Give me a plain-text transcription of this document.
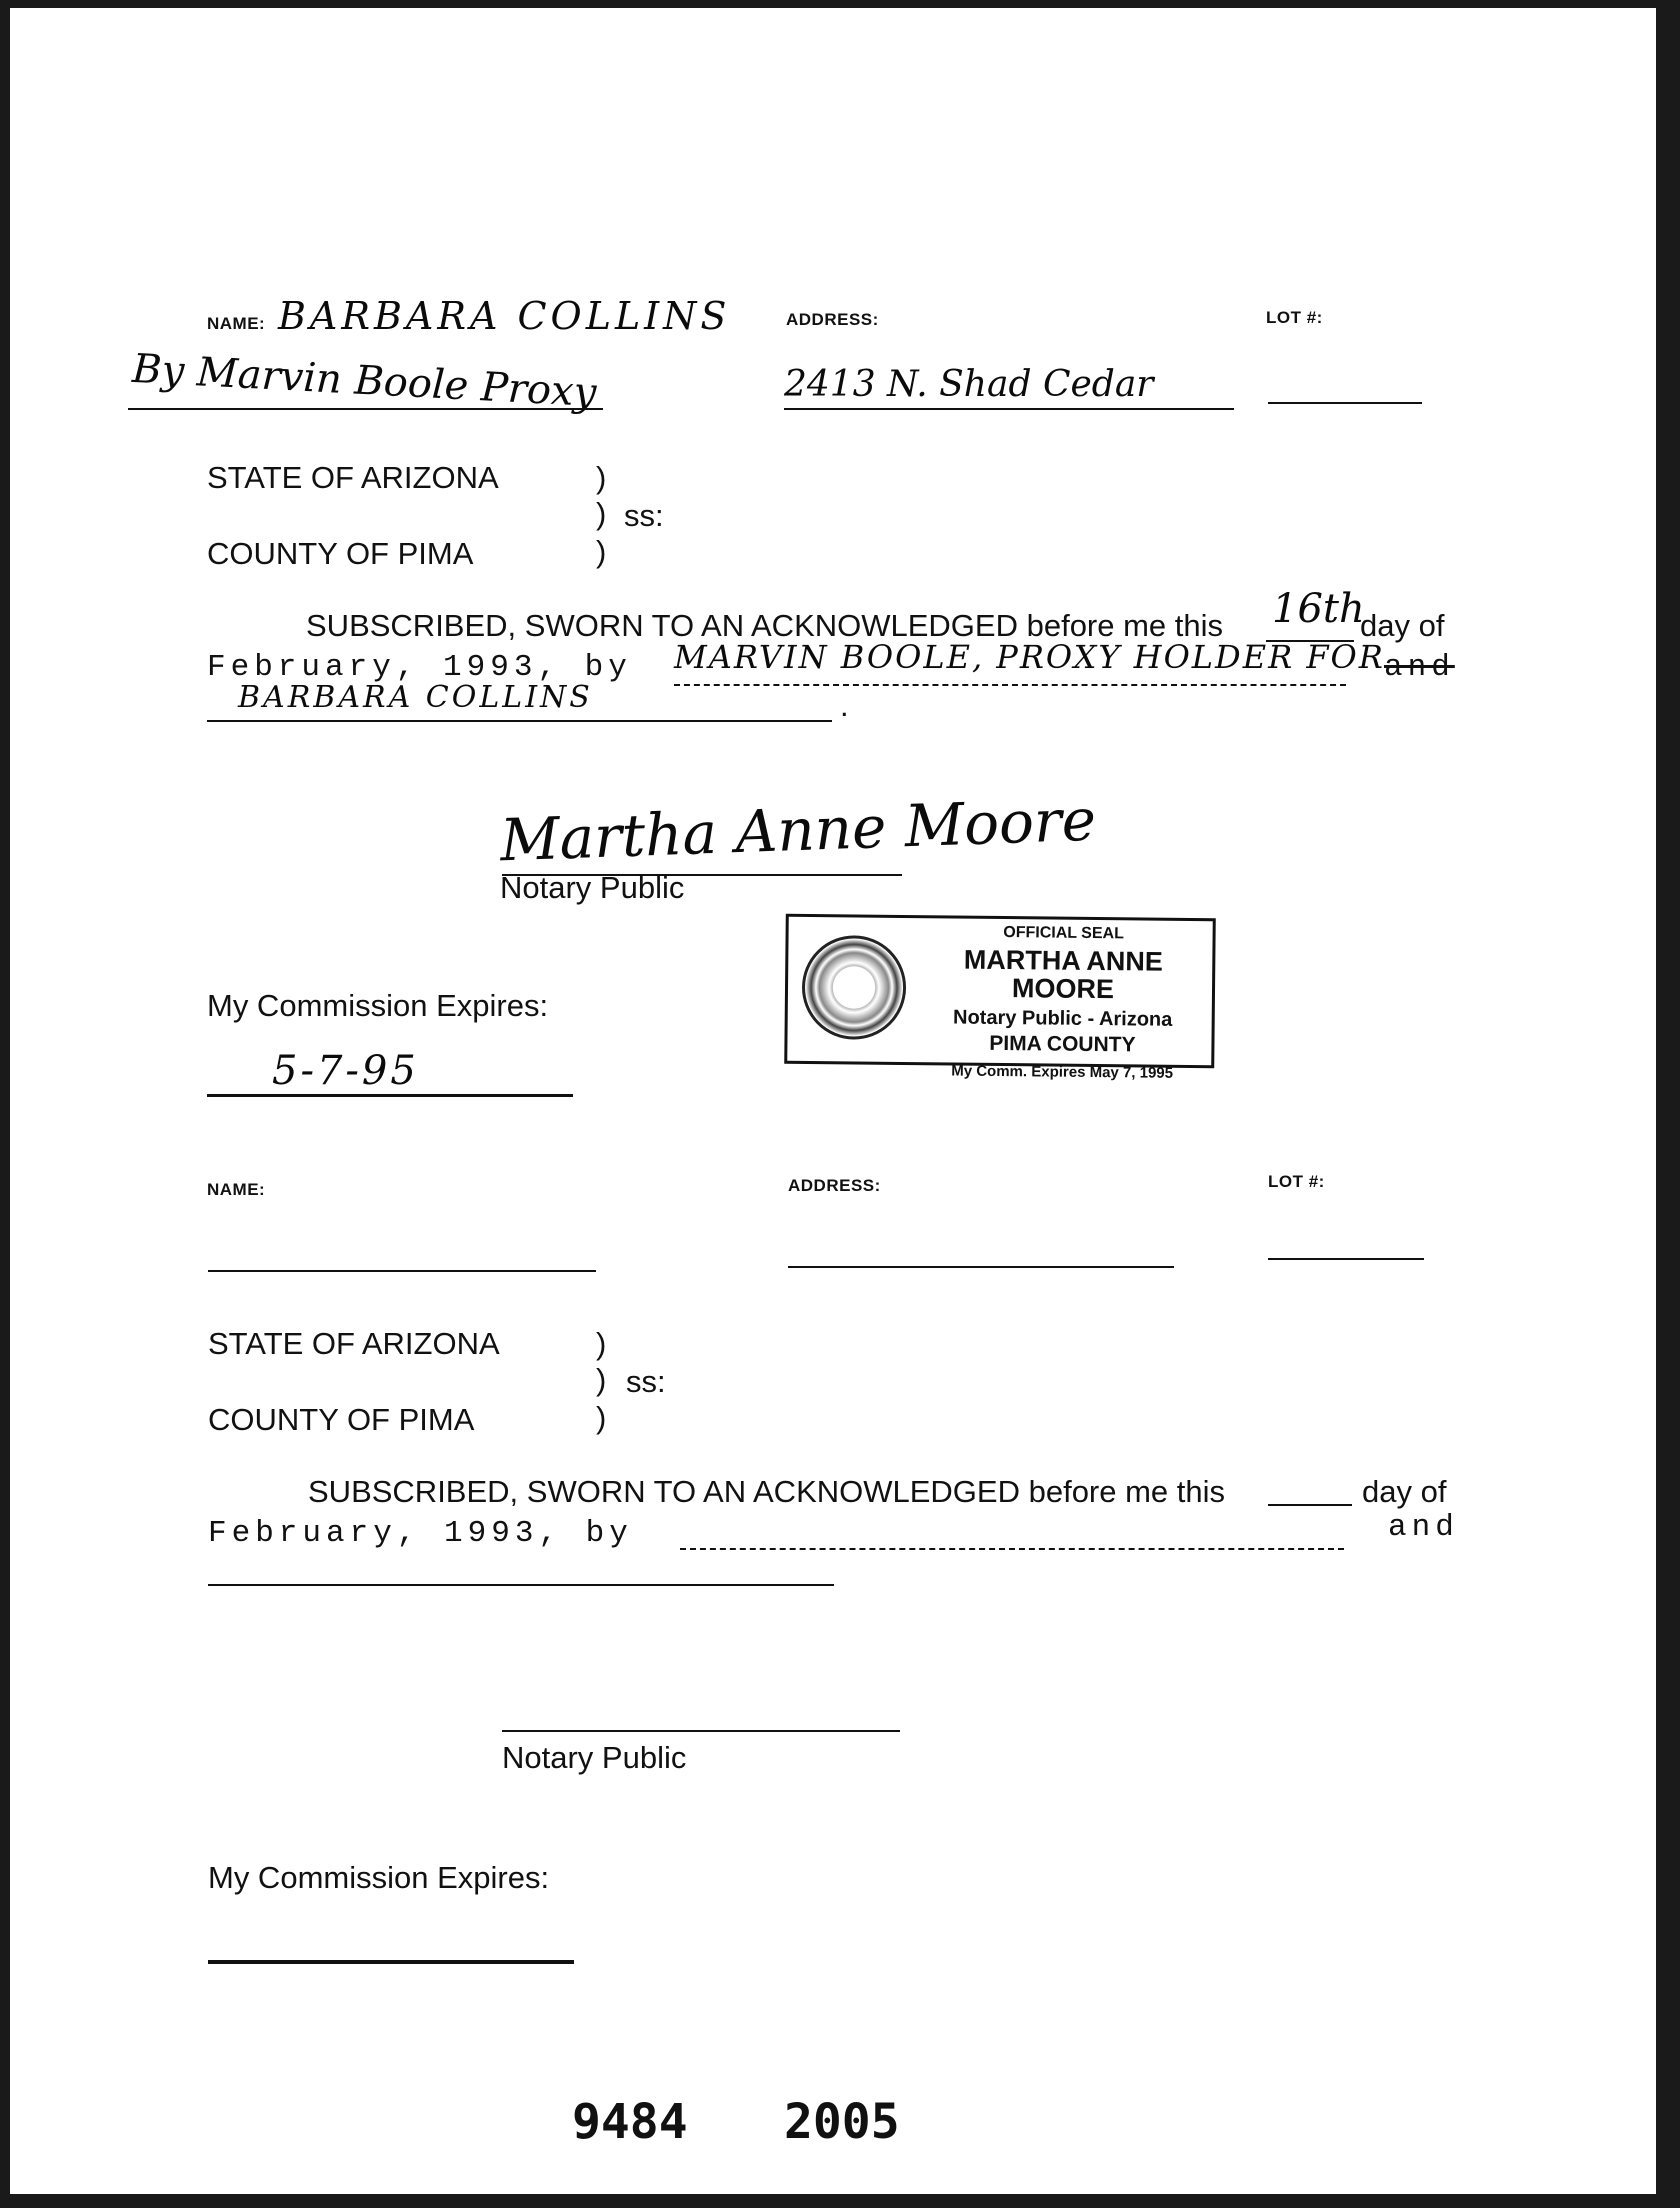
NAME: BARBARA COLLINS	ADDRESS:	LOT #:
By Marvin Boole Proxy	2413 N. Shad Cedar
STATE OF ARIZONA	)
) ss:
)
COUNTY OF PIMA
SUBSCRIBED, SWORN TO AN ACKNOWLEDGED before me this 16th
day of
February, 1993, by MARVIN BOOLE, PROXY HOLDER FOR and
BARBARA COLLINS	.
Martha Anne Moore
Notary Public
My Commission Expires:
5-7-95
OFFICIAL SEAL
MARTHA ANNE MOORE
Notary Public - Arizona
PIMA COUNTY
My Comm. Expires May 7, 1995
NAME:	ADDRESS:	LOT #:
STATE OF ARIZONA	)
) ss:
)
COUNTY OF PIMA
SUBSCRIBED, SWORN TO AN ACKNOWLEDGED before me this	day of
February, 1993, by	and
Notary Public
My Commission Expires:
9484 2005
